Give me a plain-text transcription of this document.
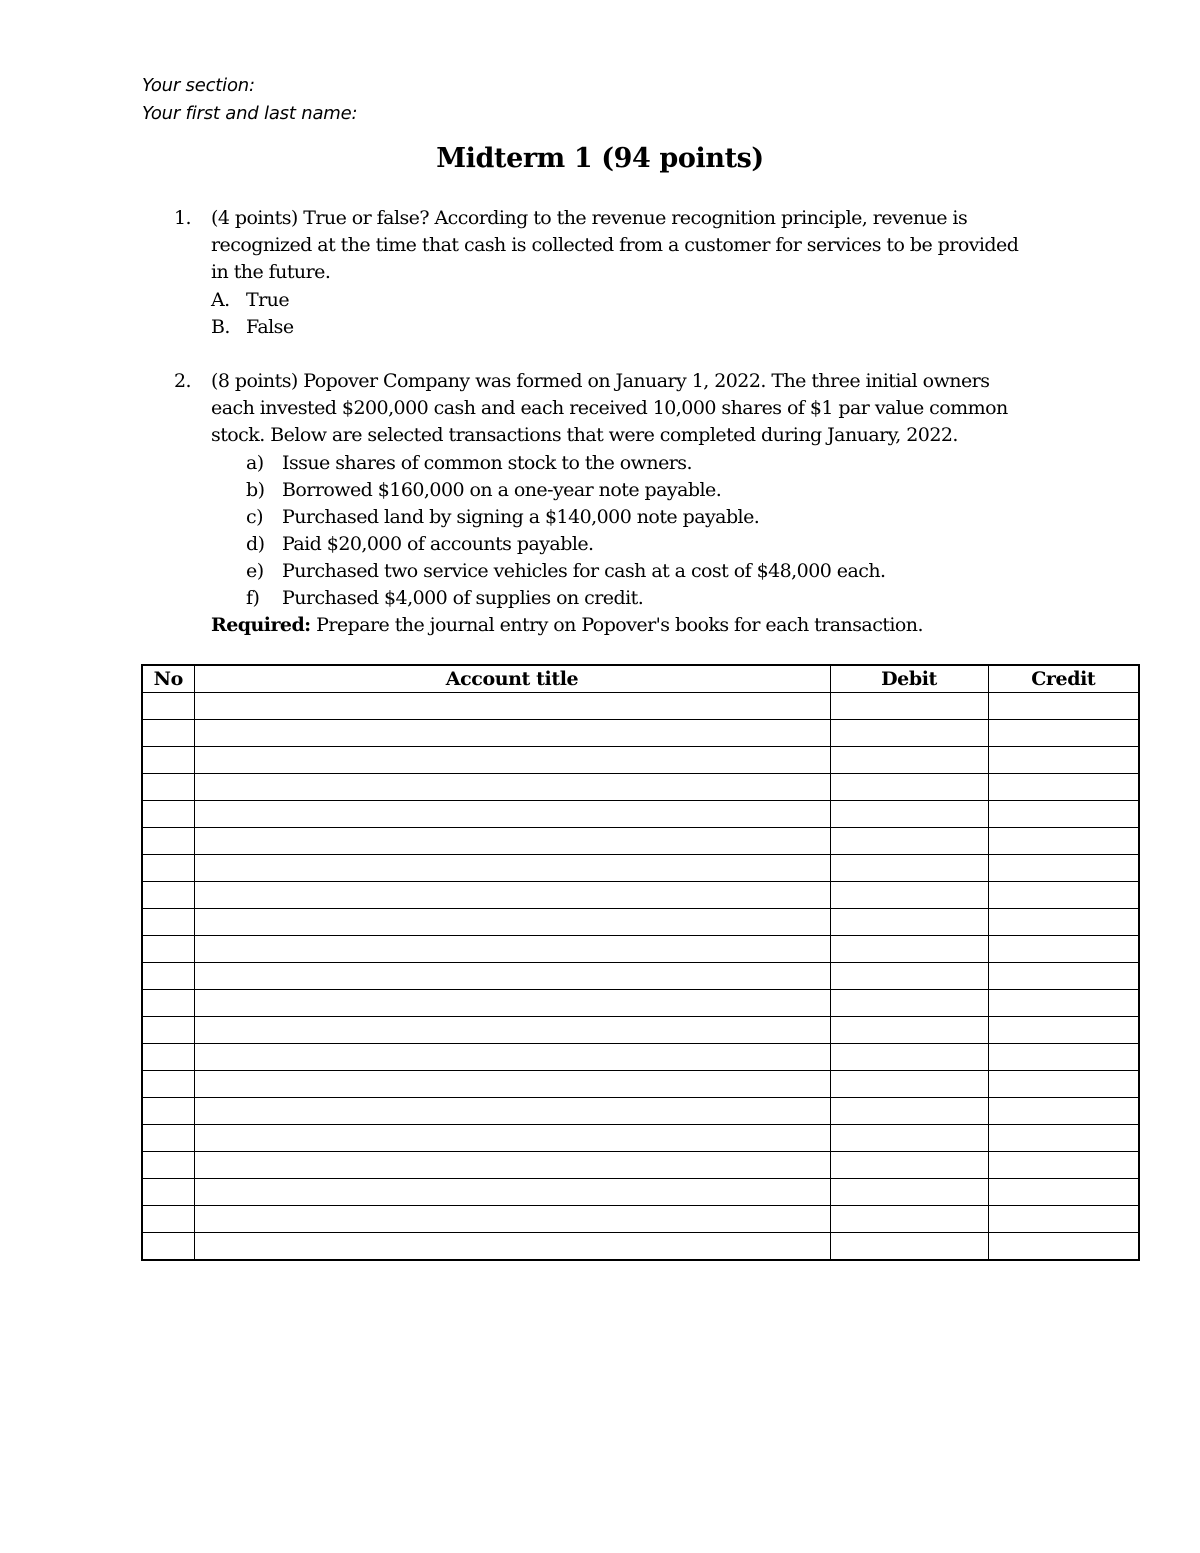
Your section:
Your first and last name:
Midterm 1 (94 points)
1. (4 points) True or false? According to the revenue recognition principle, revenue is
recognized at the time that cash is collected from a customer for services to be provided
in the future.
A. True
B. False
2. (8 points) Popover Company was formed on January 1, 2022. The three initial owners
each invested $200,000 cash and each received 10,000 shares of $1 par value common
stock. Below are selected transactions that were completed during January, 2022.
a) Issue shares of common stock to the owners.
b) Borrowed $160,000 on a one-year note payable.
c) Purchased land by signing a $140,000 note payable.
d) Paid $20,000 of accounts payable.
e) Purchased two service vehicles for cash at a cost of $48,000 each.
f) Purchased $4,000 of supplies on credit.
Required: Prepare the journal entry on Popover's books for each transaction.
No	Account title	Debit	Credit
